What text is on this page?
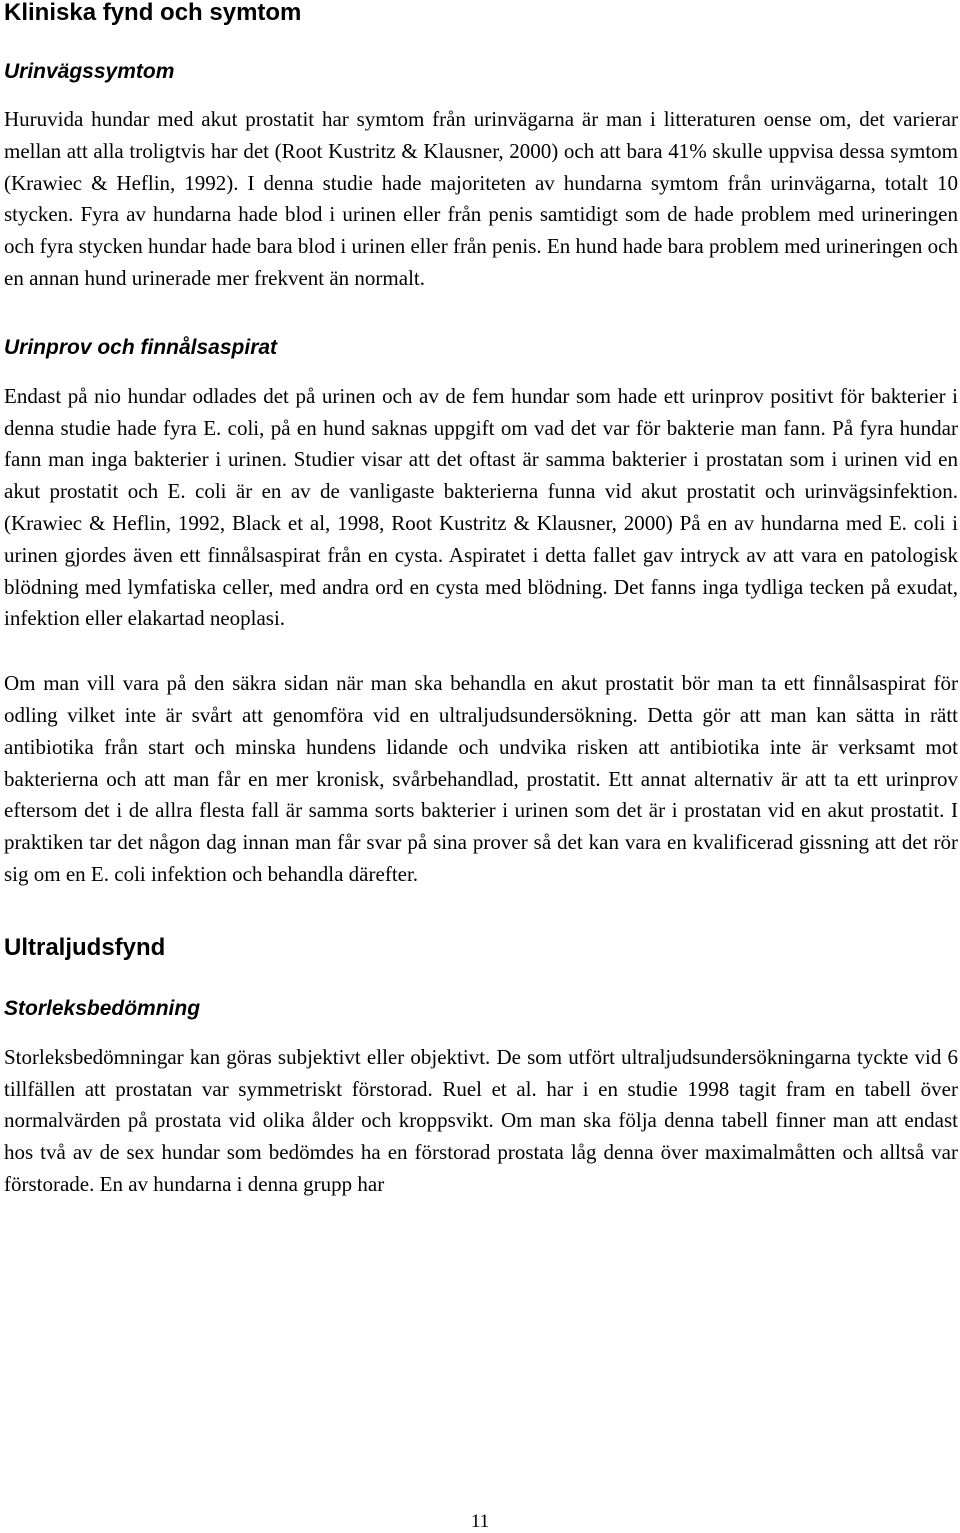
Kliniska fynd och symtom
Urinvägssymtom

Huruvida hundar med akut prostatit har symtom från urinvägarna är man i litteraturen oense om, det varierar mellan att alla troligtvis har det (Root Kustritz & Klausner, 2000) och att bara 41% skulle uppvisa dessa symtom (Krawiec & Heflin, 1992). I denna studie hade majoriteten av hundarna symtom från urinvägarna, totalt 10 stycken. Fyra av hundarna hade blod i urinen eller från penis samtidigt som de hade problem med urineringen och fyra stycken hundar hade bara blod i urinen eller från penis. En hund hade bara problem med urineringen och en annan hund urinerade mer frekvent än normalt.

Urinprov och finnålsaspirat

Endast på nio hundar odlades det på urinen och av de fem hundar som hade ett urinprov positivt för bakterier i denna studie hade fyra E. coli, på en hund saknas uppgift om vad det var för bakterie man fann. På fyra hundar fann man inga bakterier i urinen. Studier visar att det oftast är samma bakterier i prostatan som i urinen vid en akut prostatit och E. coli är en av de vanligaste bakterierna funna vid akut prostatit och urinvägsinfektion. (Krawiec & Heflin, 1992, Black et al, 1998, Root Kustritz & Klausner, 2000) På en av hundarna med E. coli i urinen gjordes även ett finnålsaspirat från en cysta. Aspiratet i detta fallet gav intryck av att vara en patologisk blödning med lymfatiska celler, med andra ord en cysta med blödning. Det fanns inga tydliga tecken på exudat, infektion eller elakartad neoplasi.

Om man vill vara på den säkra sidan när man ska behandla en akut prostatit bör man ta ett finnålsaspirat för odling vilket inte är svårt att genomföra vid en ultraljudsundersökning. Detta gör att man kan sätta in rätt antibiotika från start och minska hundens lidande och undvika risken att antibiotika inte är verksamt mot bakterierna och att man får en mer kronisk, svårbehandlad, prostatit. Ett annat alternativ är att ta ett urinprov eftersom det i de allra flesta fall är samma sorts bakterier i urinen som det är i prostatan vid en akut prostatit. I praktiken tar det någon dag innan man får svar på sina prover så det kan vara en kvalificerad gissning att det rör sig om en E. coli infektion och behandla därefter.

Ultraljudsfynd
Storleksbedömning

Storleksbedömningar kan göras subjektivt eller objektivt. De som utfört ultraljudsundersökningarna tyckte vid 6 tillfällen att prostatan var symmetriskt förstorad. Ruel et al. har i en studie 1998 tagit fram en tabell över normalvärden på prostata vid olika ålder och kroppsvikt. Om man ska följa denna tabell finner man att endast hos två av de sex hundar som bedömdes ha en förstorad prostata låg denna över maximalmåtten och alltså var förstorade. En av hundarna i denna grupp har

11
